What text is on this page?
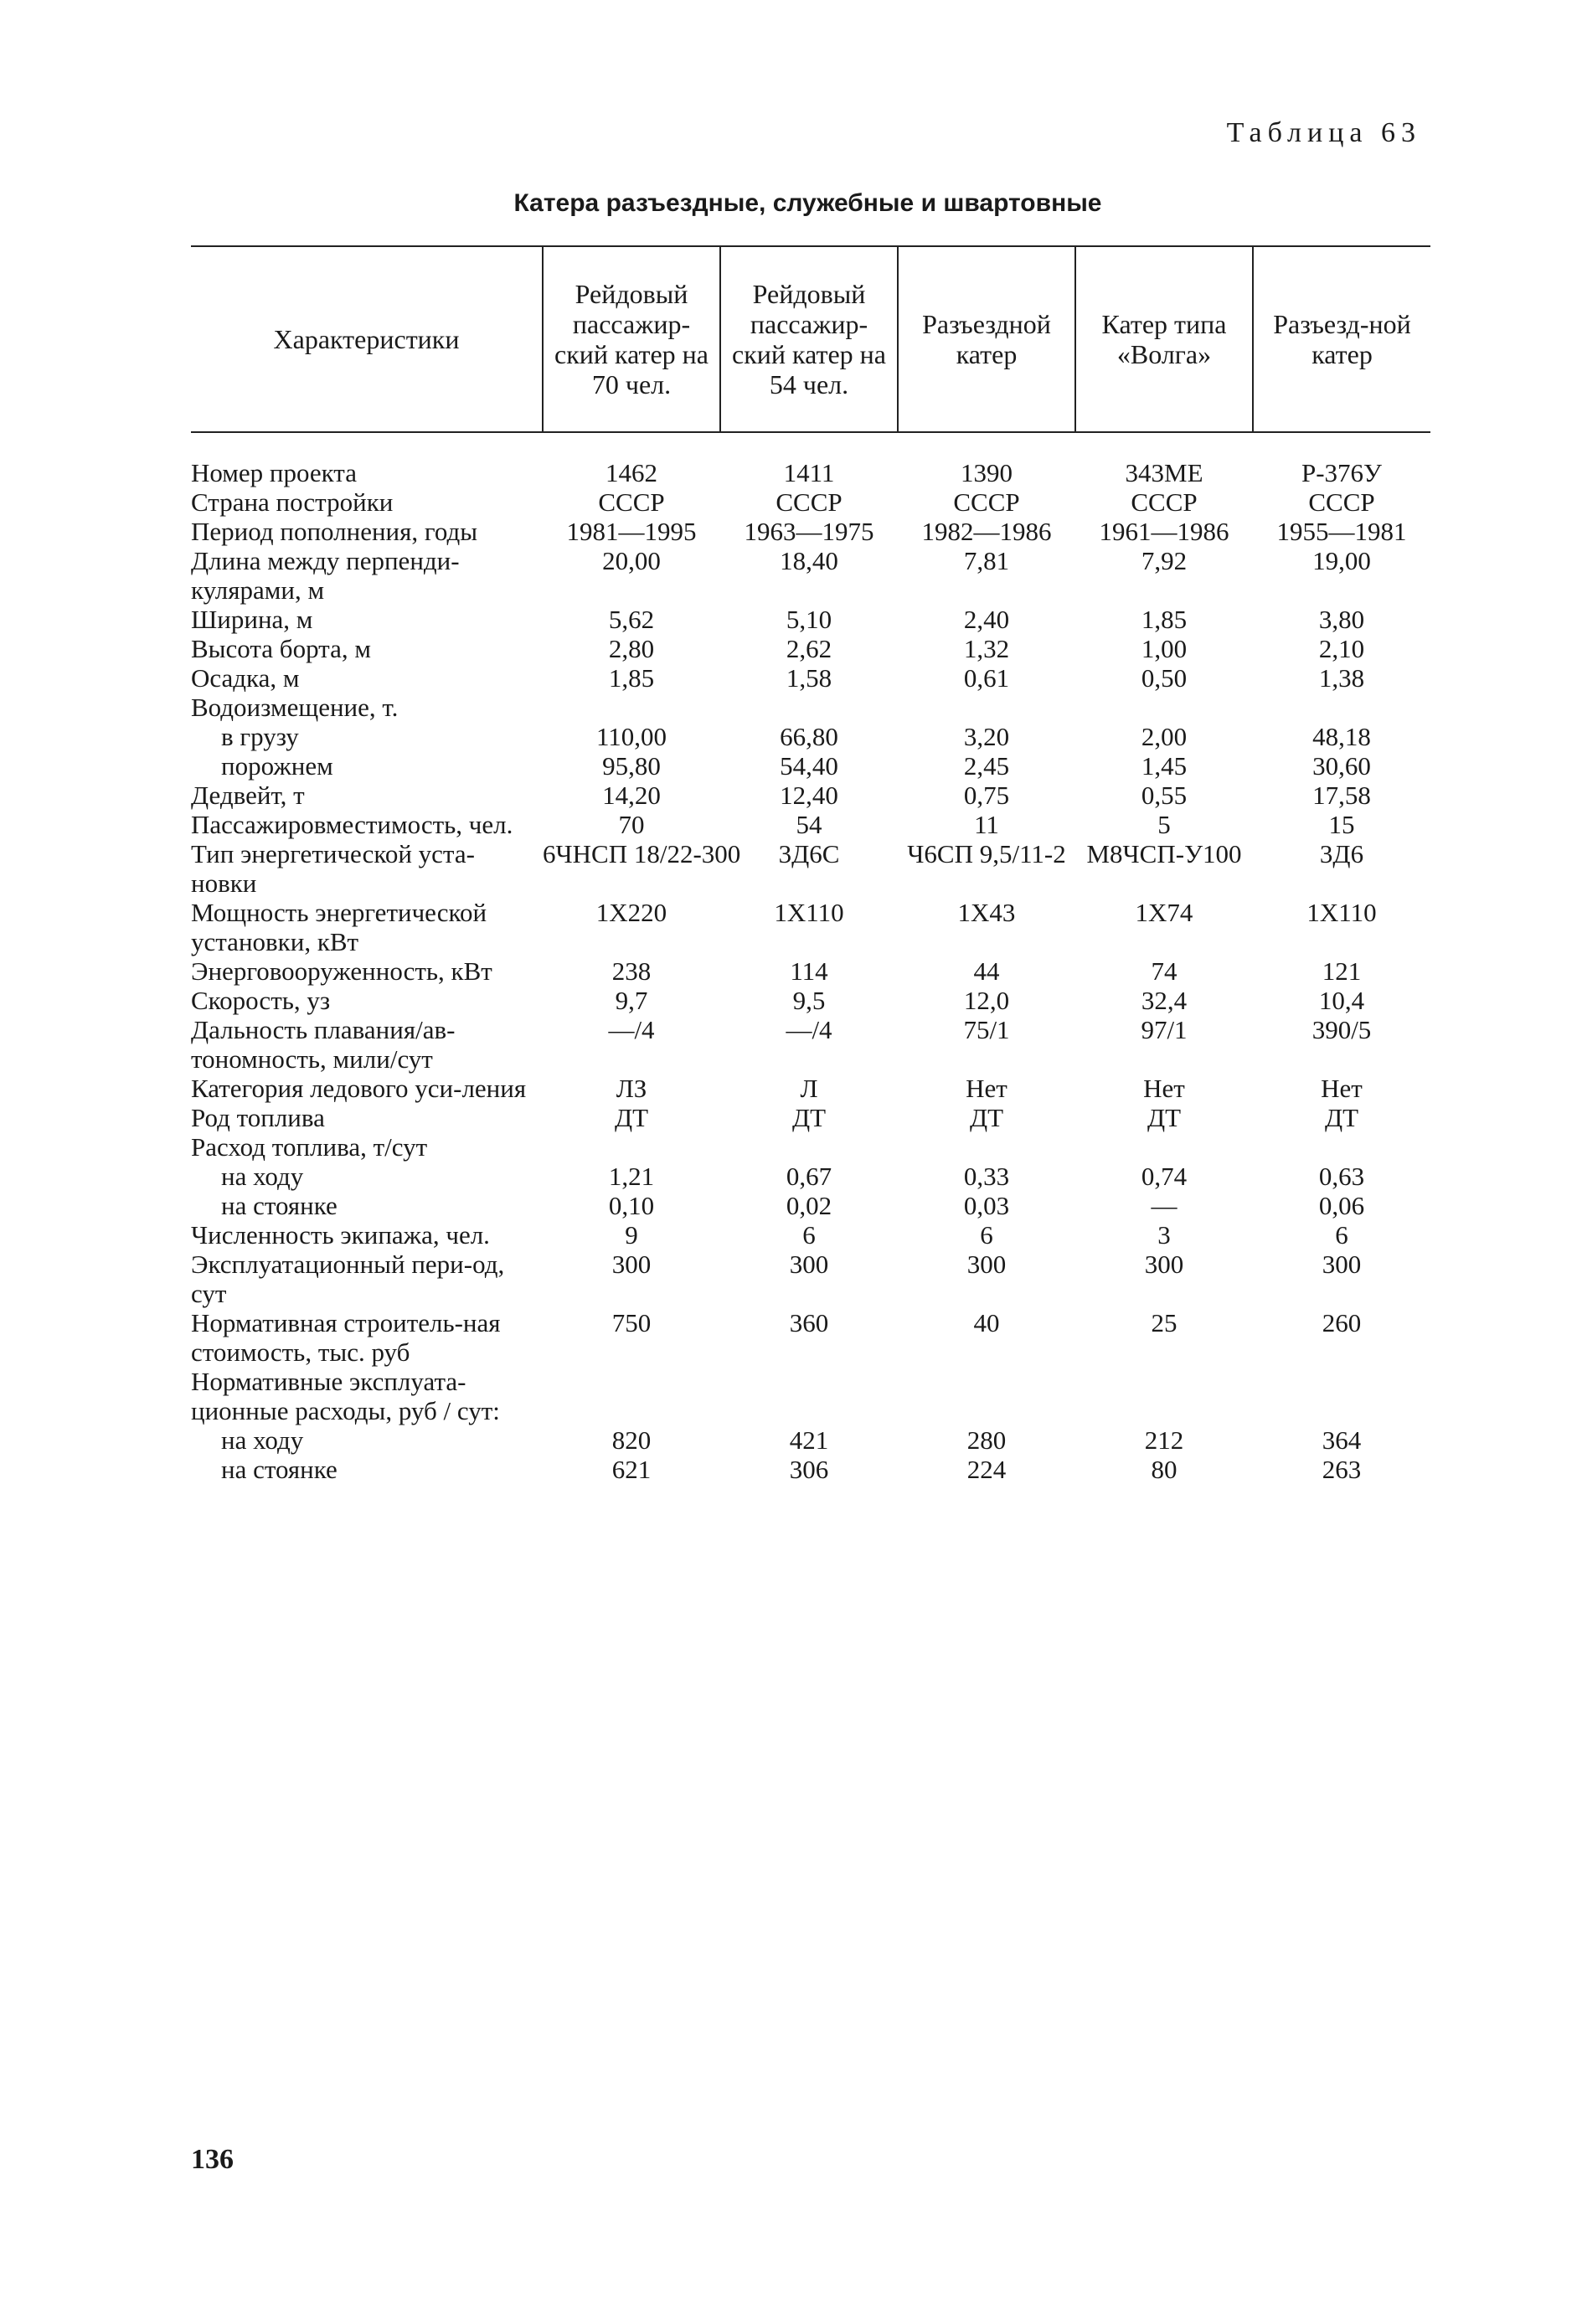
Таблица 63
Катера разъездные, служебные и швартовные
Характеристики	Рейдовый пассажир-ский катер на 70 чел.	Рейдовый пассажир-ский катер на 54 чел.	Разъездной катер	Катер типа «Волга»	Разъезд-ной катер
Номер проекта	1462	1411	1390	343МЕ	Р-376У
Страна постройки	СССР	СССР	СССР	СССР	СССР
Период пополнения, годы	1981—1995	1963—1975	1982—1986	1961—1986	1955—1981
Длина между перпенди-кулярами, м	20,00	18,40	7,81	7,92	19,00
Ширина, м	5,62	5,10	2,40	1,85	3,80
Высота борта, м	2,80	2,62	1,32	1,00	2,10
Осадка, м	1,85	1,58	0,61	0,50	1,38
Водоизмещение, т.					
в грузу	110,00	66,80	3,20	2,00	48,18
порожнем	95,80	54,40	2,45	1,45	30,60
Дедвейт, т	14,20	12,40	0,75	0,55	17,58
Пассажировместимость, чел.	70	54	11	5	15
Тип энергетической уста-новки	6ЧНСП 18/22-300	3Д6С	Ч6СП 9,5/11-2	М8ЧСП-У100	3Д6
Мощность энергетической установки, кВт	1Х220	1Х110	1Х43	1Х74	1Х110
Энерговооруженность, кВт	238	114	44	74	121
Скорость, уз	9,7	9,5	12,0	32,4	10,4
Дальность плавания/ав-тономность, мили/сут	—/4	—/4	75/1	97/1	390/5
Категория ледового уси-ления	ЛЗ	Л	Нет	Нет	Нет
Род топлива	ДТ	ДТ	ДТ	ДТ	ДТ
Расход топлива, т/сут					
на ходу	1,21	0,67	0,33	0,74	0,63
на стоянке	0,10	0,02	0,03	—	0,06
Численность экипажа, чел.	9	6	6	3	6
Эксплуатационный пери-од, сут	300	300	300	300	300
Нормативная строитель-ная стоимость, тыс. руб	750	360	40	25	260
Нормативные эксплуата-ционные расходы, руб / сут:					
на ходу	820	421	280	212	364
на стоянке	621	306	224	80	263
136
